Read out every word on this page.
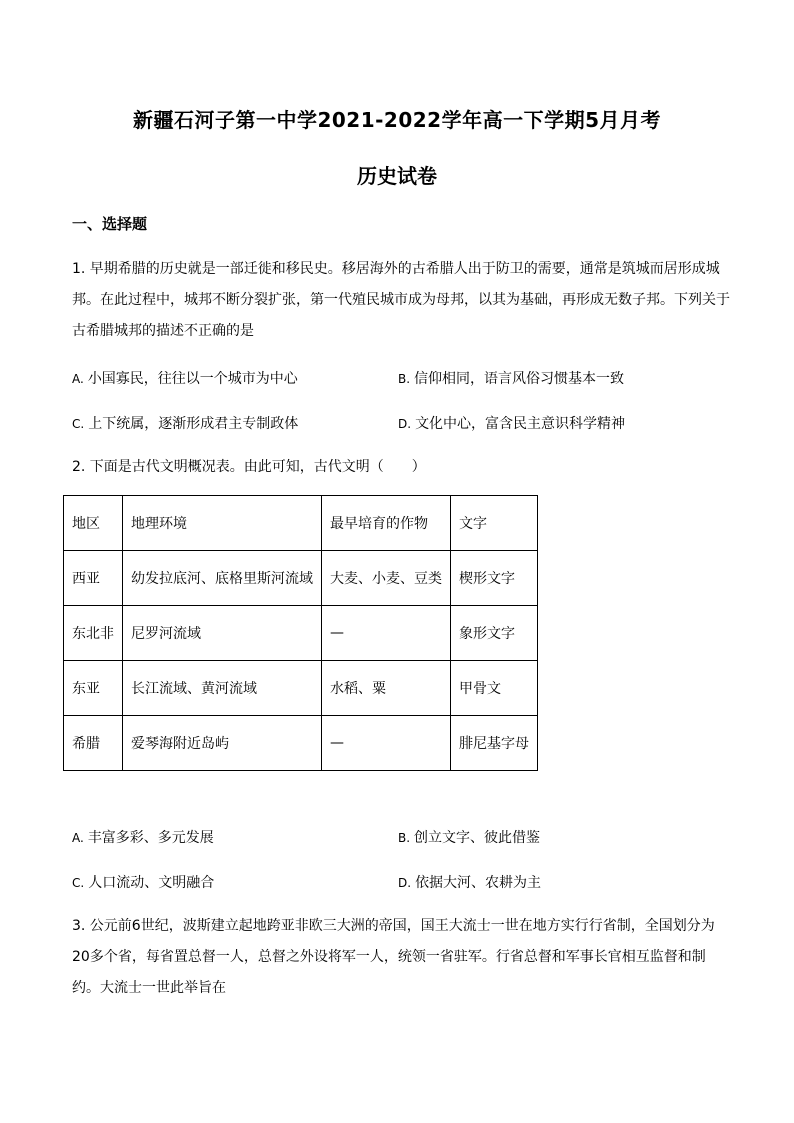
新疆石河子第一中学2021-2022学年高一下学期5月月考
历史试卷
一、选择题
1. 早期希腊的历史就是一部迁徙和移民史。移居海外的古希腊人出于防卫的需要，通常是筑城而居形成城邦。在此过程中，城邦不断分裂扩张，第一代殖民城市成为母邦，以其为基础，再形成无数子邦。下列关于古希腊城邦的描述不正确的是
A. 小国寡民，往往以一个城市为中心	B. 信仰相同，语言风俗习惯基本一致
C. 上下统属，逐渐形成君主专制政体	D. 文化中心，富含民主意识科学精神
2. 下面是古代文明概况表。由此可知，古代文明（　　）
地区	地理环境	最早培育的作物	文字
西亚	幼发拉底河、底格里斯河流域	大麦、小麦、豆类	楔形文字
东北非	尼罗河流域	—	象形文字
东亚	长江流域、黄河流域	水稻、粟	甲骨文
希腊	爱琴海附近岛屿	—	腓尼基字母
A. 丰富多彩、多元发展	B. 创立文字、彼此借鉴
C. 人口流动、文明融合	D. 依据大河、农耕为主
3. 公元前6世纪，波斯建立起地跨亚非欧三大洲的帝国，国王大流士一世在地方实行行省制，全国划分为20多个省，每省置总督一人，总督之外设将军一人，统领一省驻军。行省总督和军事长官相互监督和制约。大流士一世此举旨在
